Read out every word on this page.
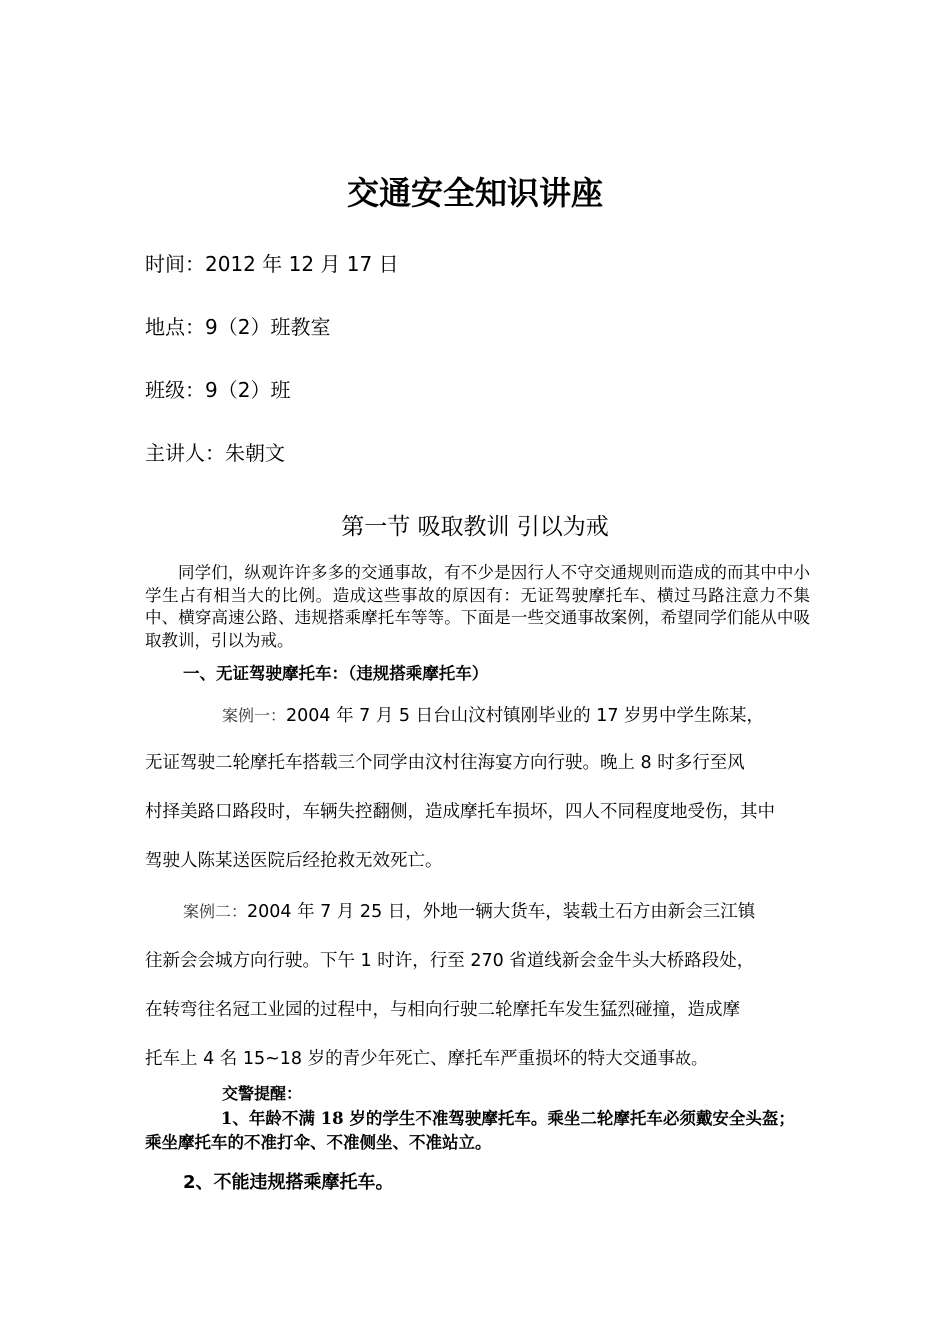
交通安全知识讲座
时间：2012 年 12 月 17 日
地点：9（2）班教室
班级：9（2）班
主讲人：朱朝文
第一节 吸取教训 引以为戒

同学们，纵观许许多多的交通事故，有不少是因行人不守交通规则而造成的而其中中小学生占有相当大的比例。造成这些事故的原因有：无证驾驶摩托车、横过马路注意力不集中、横穿高速公路、违规搭乘摩托车等等。下面是一些交通事故案例，希望同学们能从中吸取教训，引以为戒。

一、无证驾驶摩托车：（违规搭乘摩托车）
案例一：2004 年 7 月 5 日台山汶村镇刚毕业的 17 岁男中学生陈某，
无证驾驶二轮摩托车搭载三个同学由汶村往海宴方向行驶。晚上 8 时多行至风
村择美路口路段时，车辆失控翻侧，造成摩托车损坏，四人不同程度地受伤，其中
驾驶人陈某送医院后经抢救无效死亡。
案例二：2004 年 7 月 25 日，外地一辆大货车，装载土石方由新会三江镇
往新会会城方向行驶。下午 1 时许，行至 270 省道线新会金牛头大桥路段处，
在转弯往名冠工业园的过程中，与相向行驶二轮摩托车发生猛烈碰撞，造成摩
托车上 4 名 15~18 岁的青少年死亡、摩托车严重损坏的特大交通事故。
交警提醒：

1、年龄不满 18 岁的学生不准驾驶摩托车。乘坐二轮摩托车必须戴安全头盔；乘坐摩托车的不准打伞、不准侧坐、不准站立。

2、不能违规搭乘摩托车。
